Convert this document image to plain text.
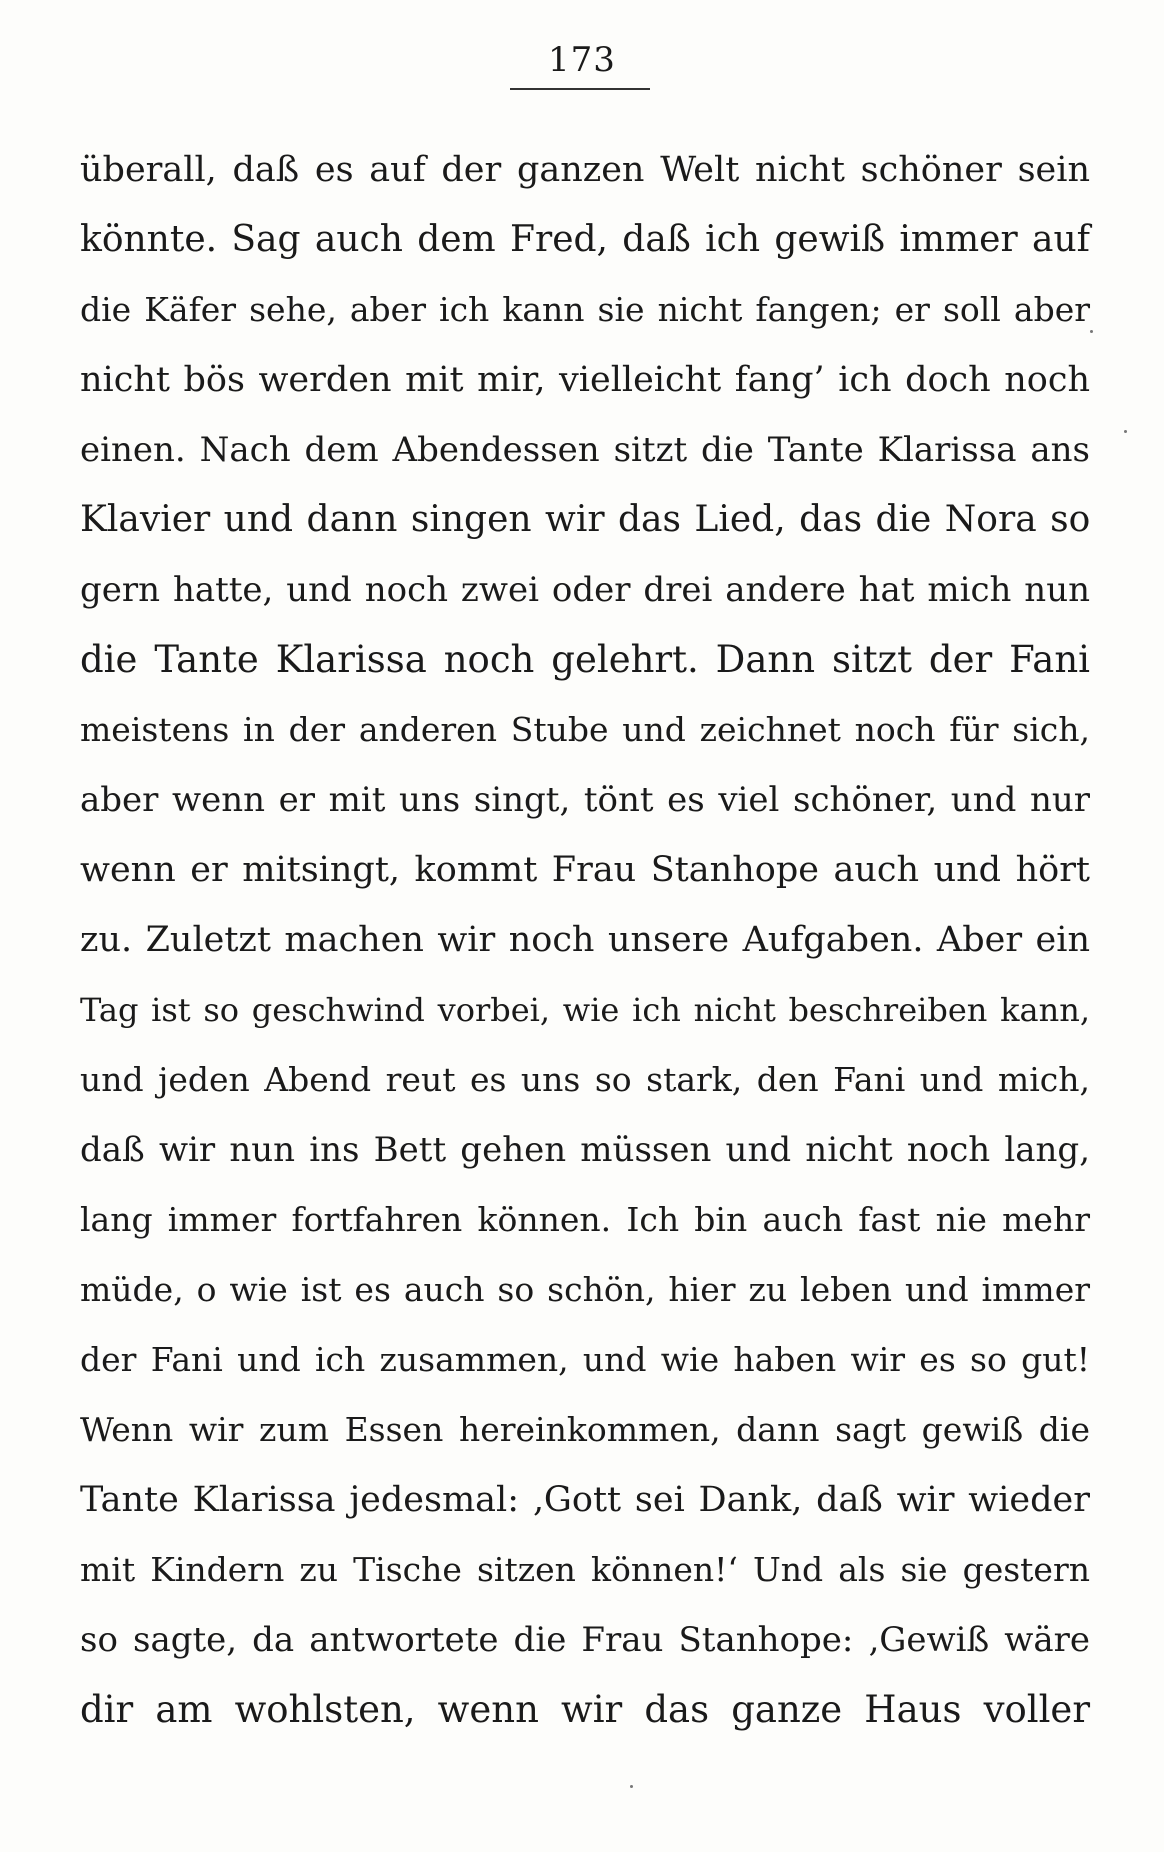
173
überall, daß es auf der ganzen Welt nicht schöner sein
könnte. Sag auch dem Fred, daß ich gewiß immer auf
die Käfer sehe, aber ich kann sie nicht fangen; er soll aber
nicht bös werden mit mir, vielleicht fang’ ich doch noch
einen. Nach dem Abendessen sitzt die Tante Klarissa ans
Klavier und dann singen wir das Lied, das die Nora so
gern hatte, und noch zwei oder drei andere hat mich nun
die Tante Klarissa noch gelehrt. Dann sitzt der Fani
meistens in der anderen Stube und zeichnet noch für sich,
aber wenn er mit uns singt, tönt es viel schöner, und nur
wenn er mitsingt, kommt Frau Stanhope auch und hört
zu. Zuletzt machen wir noch unsere Aufgaben. Aber ein
Tag ist so geschwind vorbei, wie ich nicht beschreiben kann,
und jeden Abend reut es uns so stark, den Fani und mich,
daß wir nun ins Bett gehen müssen und nicht noch lang,
lang immer fortfahren können. Ich bin auch fast nie mehr
müde, o wie ist es auch so schön, hier zu leben und immer
der Fani und ich zusammen, und wie haben wir es so gut!
Wenn wir zum Essen hereinkommen, dann sagt gewiß die
Tante Klarissa jedesmal: ‚Gott sei Dank, daß wir wieder
mit Kindern zu Tische sitzen können!‘ Und als sie gestern
so sagte, da antwortete die Frau Stanhope: ‚Gewiß wäre
dir am wohlsten, wenn wir das ganze Haus voller
